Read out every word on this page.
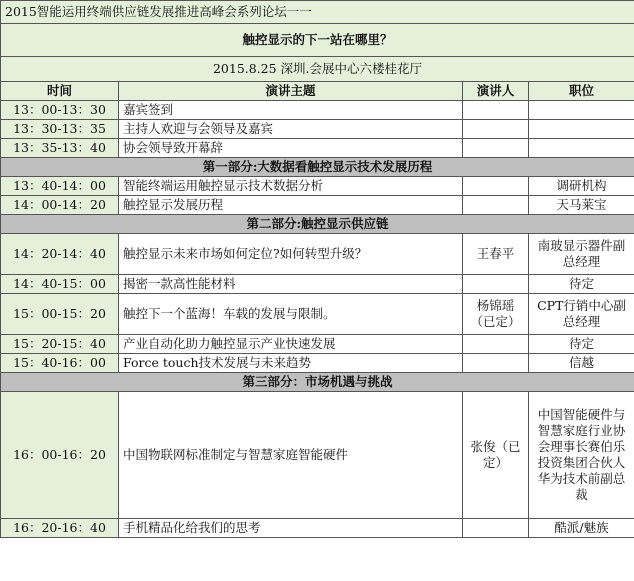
2015智能运用终端供应链发展推进高峰会系列论坛一一			
触控显示的下一站在哪里？			
2015.8.25 深圳.会展中心六楼桂花厅			
时间	演讲主题	演讲人	职位
13：00-13：30	嘉宾签到		
13：30-13：35	主持人欢迎与会领导及嘉宾		
13：35-13：40	协会领导致开幕辞		
第一部分:大数据看触控显示技术发展历程			
13：40-14：00	智能终端运用触控显示技术数据分析		调研机构
14：00-14：20	触控显示发展历程		天马莱宝
第二部分:触控显示供应链			
14：20-14：40	触控显示未来市场如何定位?如何转型升级？	王春平	南玻显示器件副总经理
14：40-15：00	揭密一款高性能材料		待定
15：00-15：20	触控下一个蓝海！车载的发展与限制。	杨锦瑶（已定）	CPT行销中心副总经理
15：20-15：40	产业自动化助力触控显示产业快速发展		待定
15：40-16：00	Force touch技术发展与未来趋势		信越
第三部分：市场机遇与挑战			
16：00-16：20	中国物联网标准制定与智慧家庭智能硬件	张俊（已定）	中国智能硬件与智慧家庭行业协会理事长赛伯乐投资集团合伙人华为技术前副总裁
16：20-16：40	手机精品化给我们的思考		酷派/魅族
